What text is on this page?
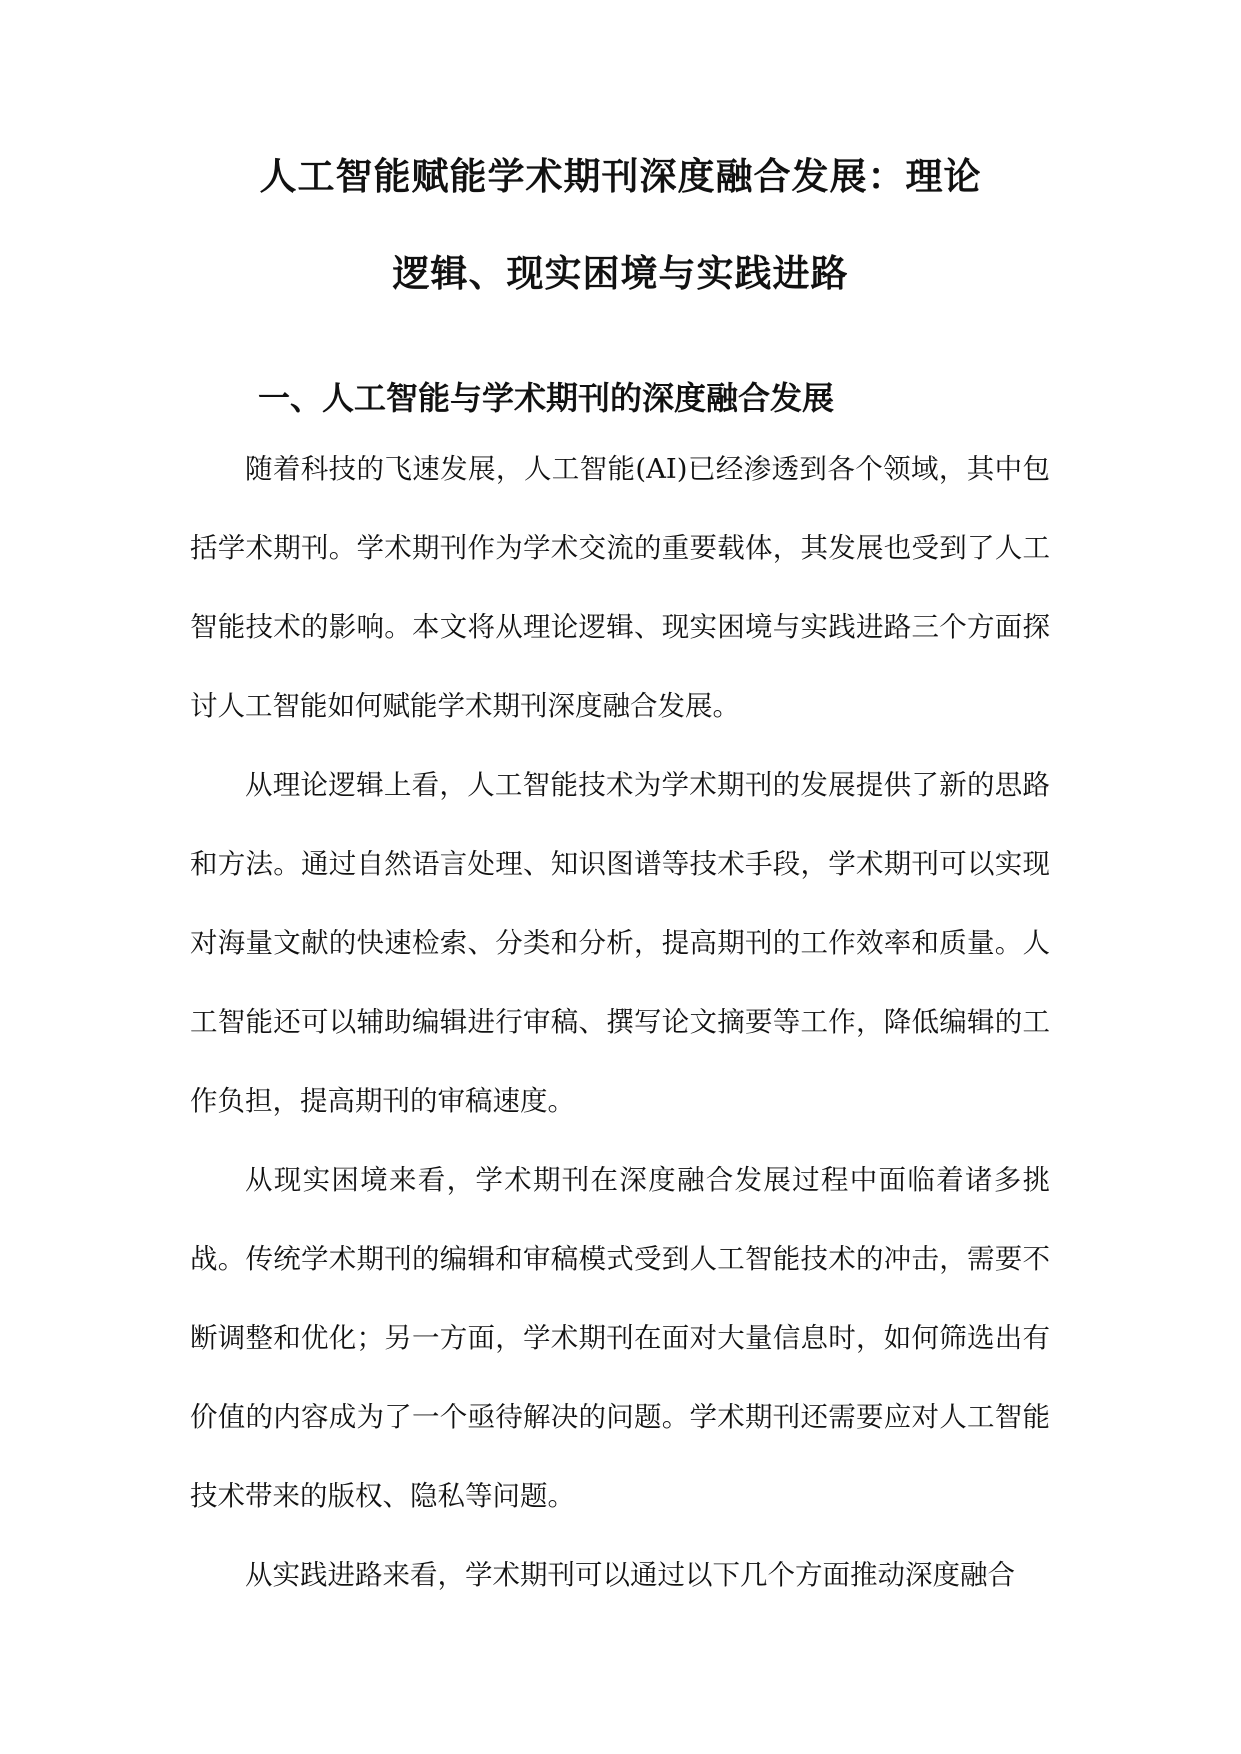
人工智能赋能学术期刊深度融合发展：理论
逻辑、现实困境与实践进路
一、人工智能与学术期刊的深度融合发展

随着科技的飞速发展，人工智能(AI)已经渗透到各个领域，其中包括学术期刊。学术期刊作为学术交流的重要载体，其发展也受到了人工智能技术的影响。本文将从理论逻辑、现实困境与实践进路三个方面探讨人工智能如何赋能学术期刊深度融合发展。

从理论逻辑上看，人工智能技术为学术期刊的发展提供了新的思路和方法。通过自然语言处理、知识图谱等技术手段，学术期刊可以实现对海量文献的快速检索、分类和分析，提高期刊的工作效率和质量。人工智能还可以辅助编辑进行审稿、撰写论文摘要等工作，降低编辑的工作负担，提高期刊的审稿速度。

从现实困境来看，学术期刊在深度融合发展过程中面临着诸多挑战。传统学术期刊的编辑和审稿模式受到人工智能技术的冲击，需要不断调整和优化；另一方面，学术期刊在面对大量信息时，如何筛选出有价值的内容成为了一个亟待解决的问题。学术期刊还需要应对人工智能技术带来的版权、隐私等问题。

从实践进路来看，学术期刊可以通过以下几个方面推动深度融合
